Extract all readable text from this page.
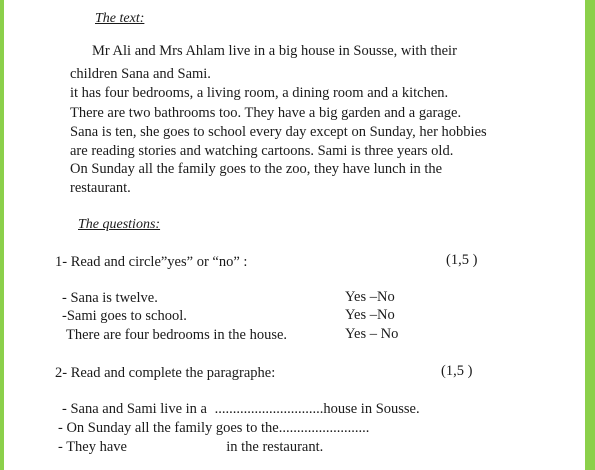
The text:
Mr Ali and Mrs Ahlam live in a big house in Sousse, with their
children Sana and Sami.
it has four bedrooms, a living room, a dining room and a kitchen.
There are two bathrooms too. They have a big garden and a garage.
Sana is ten, she goes to school every day except on Sunday, her hobbies
are reading stories and watching cartoons. Sami is three years old.
On Sunday all the family goes to the zoo, they have lunch in the
restaurant.
The questions:
1- Read and circle”yes” or “no” :	(1,5 )
- Sana is twelve.	Yes –No
-Sami goes to school.	Yes –No
There are four bedrooms in the house.	Yes – No
2- Read and complete the paragraphe:	(1,5 )
- Sana and Sami live in a ..............................house in Sousse.
- On Sunday all the family goes to the.........................
- They have	in the restaurant.
